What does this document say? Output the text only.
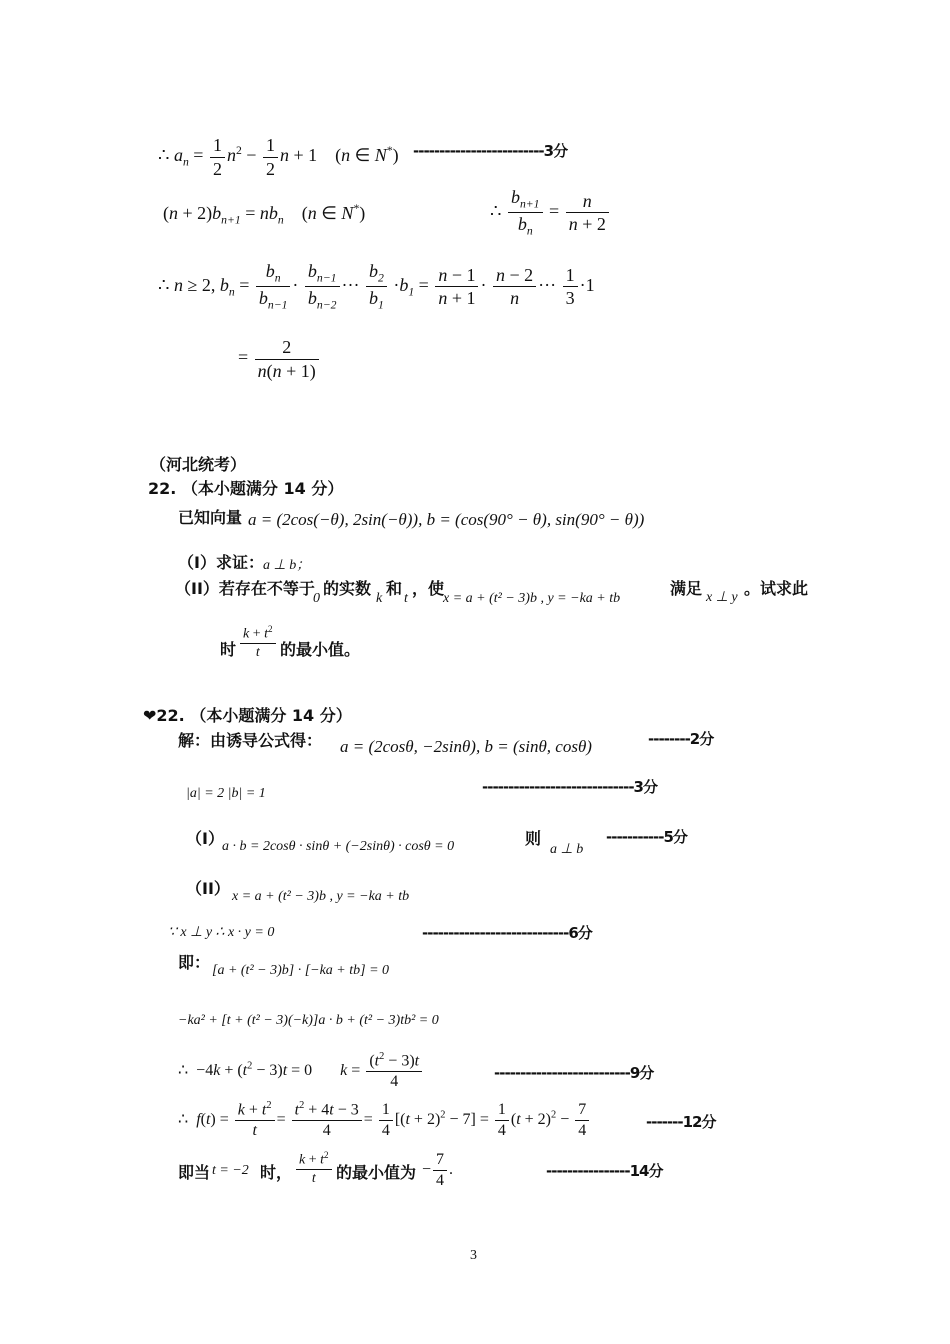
∴ $a_n = \frac{1}{2} n^2 - \frac{1}{2}$ n + 1 (n ∈ N*) -------------------------3分
$(n + 2)b_{n+1} = nb_n$ (n ∈ N*)	∴ $\frac{b_{n+1}}{b_n} = \frac{n}{n + 2}$
∴ n ≥ 2, $b_n = \frac{b_n}{b_{n-1}} \cdot \frac{b_{n-1}}{b_{n-2}}$ ··· $\frac{b_2}{b_1} \cdot b_1 = \frac{n - 1}{n + 1} \cdot \frac{n - 2}{n}$ ··· $\frac{1}{3} \cdot 1$
= $\frac{2}{n(n + 1)}$
（河北统考）
22. （本小题满分 14 分）
已知向量 a = (2cos(−θ), 2sin(−θ)), b = (cos(90° − θ), sin(90° − θ))
（I）求证： a ⊥ b；
（II）若存在不等于
0
的实数
k
和
t
，使
x = a + (t² − 3)b , y = −ka + tb
满足 x ⊥ y 。试求此
时 $\frac{k + t^2}{t}$ 的最小值。
❤22. （本小题满分 14 分）
解：由诱导公式得： a = (2cosθ, −2sinθ), b = (sinθ, cosθ)	--------2分
|a| = 2 |b| = 1	-----------------------------3分
（I）
a · b = 2cosθ · sinθ + (−2sinθ) · cosθ = 0	则
a ⊥ b
-----------5分
（II） x = a + (t² − 3)b , y = −ka + tb
∵ x ⊥ y ∴ x · y = 0	----------------------------6分
即： [a + (t² − 3)b] · [−ka + tb] = 0
−ka² + [t + (t² − 3)(−k)]a · b + (t² − 3)tb² = 0
∴  $-4k + (t^2 - 3)t = 0$       $k = \frac{(t^2 - 3)t}{4}$	--------------------------9分
∴  $f(t) = \frac{k + t^2}{t} = \frac{t^2 + 4t - 3}{4} = \frac{1}{4} [(t + 2)^2 - 7] = \frac{1}{4} (t + 2)^2 - \frac{7}{4}$	-------12分
即当 t = −2 时， $\frac{k + t^2}{t}$ 的最小值为 − $\frac{7}{4}$ .	----------------14分
3
